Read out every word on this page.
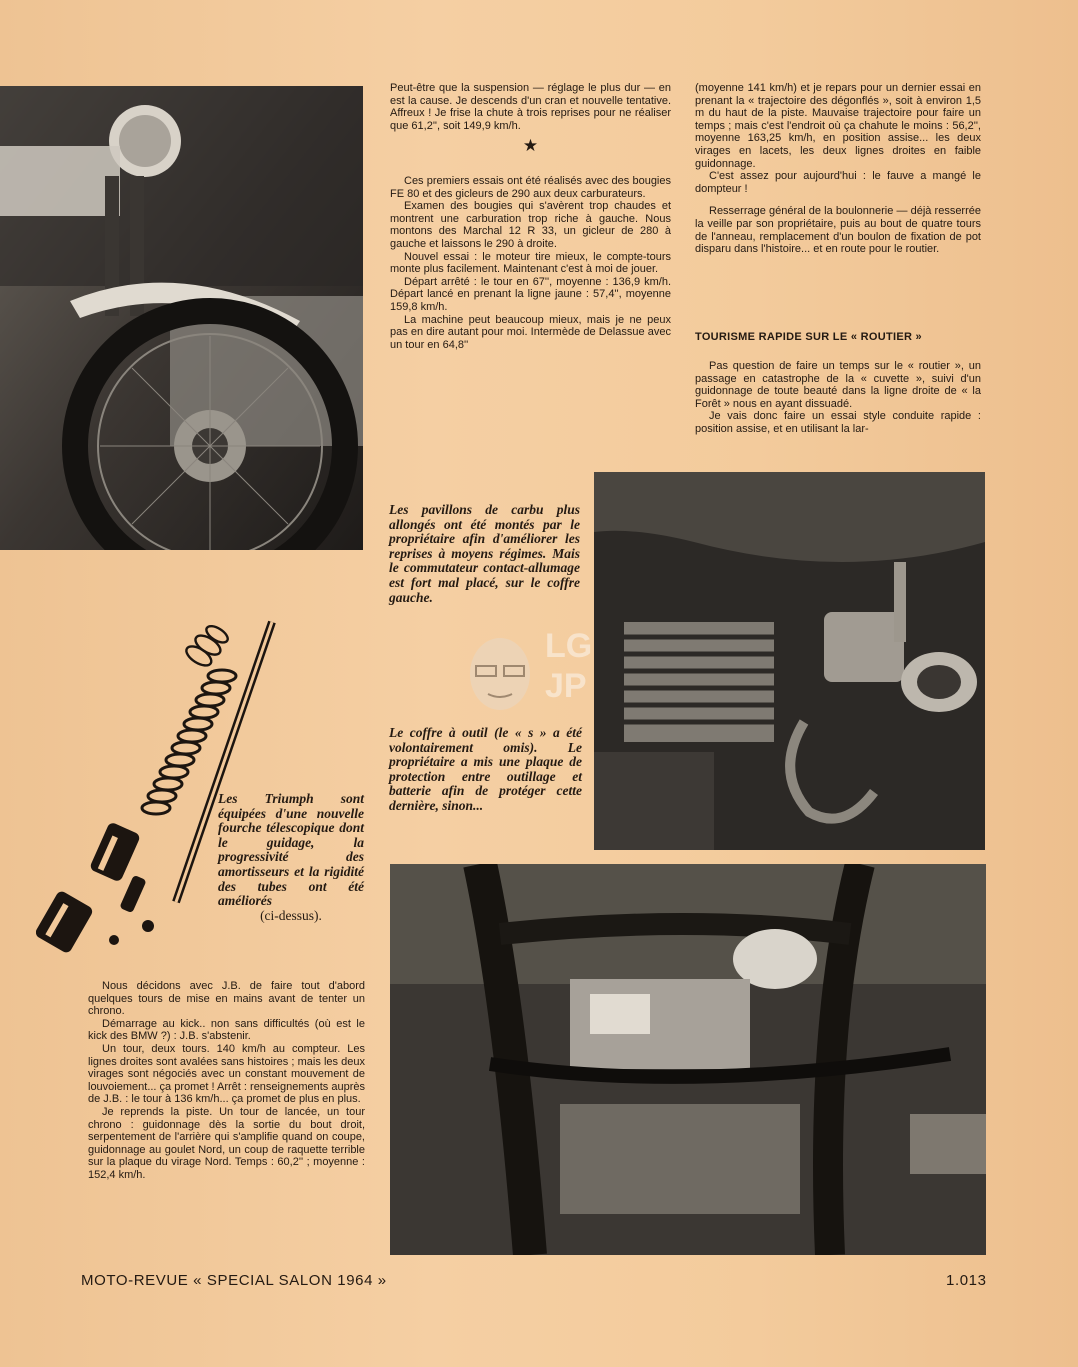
Peut-être que la suspension — réglage le plus dur — en est la cause. Je descends d'un cran et nouvelle tentative. Affreux ! Je frise la chute à trois reprises pour ne réaliser que 61,2'', soit 149,9 km/h.

★

Ces premiers essais ont été réalisés avec des bougies FE 80 et des gicleurs de 290 aux deux carburateurs.

Examen des bougies qui s'avèrent trop chaudes et montrent une carburation trop riche à gauche. Nous montons des Marchal 12 R 33, un gicleur de 280 à gauche et laissons le 290 à droite.

Nouvel essai : le moteur tire mieux, le compte-tours monte plus facilement. Maintenant c'est à moi de jouer.

Départ arrêté : le tour en 67'', moyenne : 136,9 km/h. Départ lancé en prenant la ligne jaune : 57,4'', moyenne 159,8 km/h.

La machine peut beaucoup mieux, mais je ne peux pas en dire autant pour moi. Intermède de Delassue avec un tour en 64,8''

(moyenne 141 km/h) et je repars pour un dernier essai en prenant la « trajectoire des dégonflés », soit à environ 1,5 m du haut de la piste. Mauvaise trajectoire pour faire un temps ; mais c'est l'endroit où ça chahute le moins : 56,2'', moyenne 163,25 km/h, en position assise... les deux virages en lacets, les deux lignes droites en faible guidonnage.

C'est assez pour aujourd'hui : le fauve a mangé le dompteur !

Resserrage général de la boulonnerie — déjà resserrée la veille par son propriétaire, puis au bout de quatre tours de l'anneau, remplacement d'un boulon de fixation de pot disparu dans l'histoire... et en route pour le routier.

TOURISME RAPIDE SUR LE « ROUTIER »

Pas question de faire un temps sur le « routier », un passage en catastrophe de la « cuvette », suivi d'un guidonnage de toute beauté dans la ligne droite de « la Forêt » nous en ayant dissuadé.

Je vais donc faire un essai style conduite rapide : position assise, et en utilisant la lar-

Les pavillons de carbu plus allongés ont été montés par le propriétaire afin d'améliorer les reprises à moyens régimes. Mais le commutateur contact-allumage est fort mal placé, sur le coffre gauche.
LG JP
Le coffre à outil (le « s » a été volontairement omis). Le propriétaire a mis une plaque de protection entre outillage et batterie afin de protéger cette dernière, sinon...
Les Triumph sont équipées d'une nouvelle fourche télescopique dont le guidage, la progressivité des amortisseurs et la rigidité des tubes ont été améliorés
(ci-dessus).

Nous décidons avec J.B. de faire tout d'abord quelques tours de mise en mains avant de tenter un chrono.

Démarrage au kick.. non sans difficultés (où est le kick des BMW ?) : J.B. s'abstenir.

Un tour, deux tours. 140 km/h au compteur. Les lignes droites sont avalées sans histoires ; mais les deux virages sont négociés avec un constant mouvement de louvoiement... ça promet ! Arrêt : renseignements auprès de J.B. : le tour à 136 km/h... ça promet de plus en plus.

Je reprends la piste. Un tour de lancée, un tour chrono : guidonnage dès la sortie du bout droit, serpentement de l'arrière qui s'amplifie quand on coupe, guidonnage au goulet Nord, un coup de raquette terrible sur la plaque du virage Nord. Temps : 60,2'' ; moyenne : 152,4 km/h.

MOTO-REVUE « SPECIAL SALON 1964 »	1.013
